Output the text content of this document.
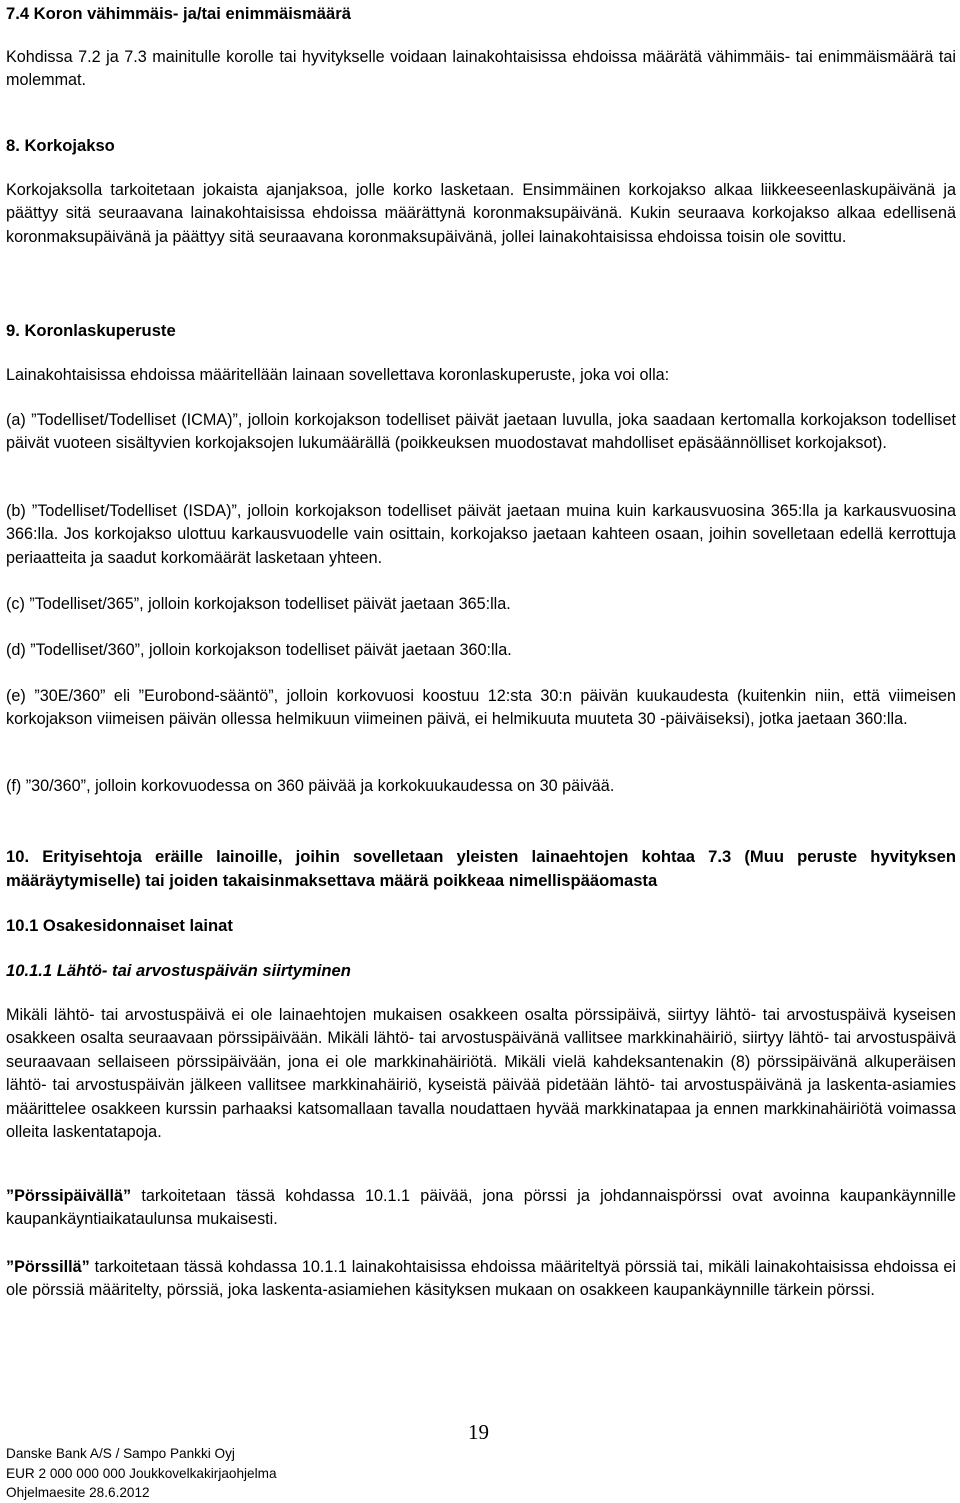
7.4 Koron vähimmäis- ja/tai enimmäismäärä

Kohdissa 7.2 ja 7.3 mainitulle korolle tai hyvitykselle voidaan lainakohtaisissa ehdoissa määrätä vähimmäis- tai enimmäismäärä tai molemmat.

8. Korkojakso

Korkojaksolla tarkoitetaan jokaista ajanjaksoa, jolle korko lasketaan. Ensimmäinen korkojakso alkaa liikkeeseenlaskupäivänä ja päättyy sitä seuraavana lainakohtaisissa ehdoissa määrättynä koronmaksupäivänä. Kukin seuraava korkojakso alkaa edellisenä koronmaksupäivänä ja päättyy sitä seuraavana koronmaksupäivänä, jollei lainakohtaisissa ehdoissa toisin ole sovittu.

9. Koronlaskuperuste

Lainakohtaisissa ehdoissa määritellään lainaan sovellettava koronlaskuperuste, joka voi olla:

(a) ”Todelliset/Todelliset (ICMA)”, jolloin korkojakson todelliset päivät jaetaan luvulla, joka saadaan kertomalla korkojakson todelliset päivät vuoteen sisältyvien korkojaksojen lukumäärällä (poikkeuksen muodostavat mahdolliset epäsäännölliset korkojaksot).

(b) ”Todelliset/Todelliset (ISDA)”, jolloin korkojakson todelliset päivät jaetaan muina kuin karkausvuosina 365:lla ja karkausvuosina 366:lla. Jos korkojakso ulottuu karkausvuodelle vain osittain, korkojakso jaetaan kahteen osaan, joihin sovelletaan edellä kerrottuja periaatteita ja saadut korkomäärät lasketaan yhteen.

(c) ”Todelliset/365”, jolloin korkojakson todelliset päivät jaetaan 365:lla.

(d) ”Todelliset/360”, jolloin korkojakson todelliset päivät jaetaan 360:lla.

(e) ”30E/360” eli ”Eurobond-sääntö”, jolloin korkovuosi koostuu 12:sta 30:n päivän kuukaudesta (kuitenkin niin, että viimeisen korkojakson viimeisen päivän ollessa helmikuun viimeinen päivä, ei helmikuuta muuteta 30 -päiväiseksi), jotka jaetaan 360:lla.

(f) ”30/360”, jolloin korkovuodessa on 360 päivää ja korkokuukaudessa on 30 päivää.

10. Erityisehtoja eräille lainoille, joihin sovelletaan yleisten lainaehtojen kohtaa 7.3 (Muu peruste hyvityksen määräytymiselle) tai joiden takaisinmaksettava määrä poikkeaa nimellispääomasta
10.1 Osakesidonnaiset lainat
10.1.1 Lähtö- tai arvostuspäivän siirtyminen

Mikäli lähtö- tai arvostuspäivä ei ole lainaehtojen mukaisen osakkeen osalta pörssipäivä, siirtyy lähtö- tai arvostuspäivä kyseisen osakkeen osalta seuraavaan pörssipäivään. Mikäli lähtö- tai arvostuspäivänä vallitsee markkinahäiriö, siirtyy lähtö- tai arvostuspäivä seuraavaan sellaiseen pörssipäivään, jona ei ole markkinahäiriötä. Mikäli vielä kahdeksantenakin (8) pörssipäivänä alkuperäisen lähtö- tai arvostuspäivän jälkeen vallitsee markkinahäiriö, kyseistä päivää pidetään lähtö- tai arvostuspäivänä ja laskenta-asiamies määrittelee osakkeen kurssin parhaaksi katsomallaan tavalla noudattaen hyvää markkinatapaa ja ennen markkinahäiriötä voimassa olleita laskentatapoja.

”Pörssipäivällä” tarkoitetaan tässä kohdassa 10.1.1 päivää, jona pörssi ja johdannaispörssi ovat avoinna kaupankäynnille kaupankäyntiaikataulunsa mukaisesti.

”Pörssillä” tarkoitetaan tässä kohdassa 10.1.1 lainakohtaisissa ehdoissa määriteltyä pörssiä tai, mikäli lainakohtaisissa ehdoissa ei ole pörssiä määritelty, pörssiä, joka laskenta-asiamiehen käsityksen mukaan on osakkeen kaupankäynnille tärkein pörssi.

19
Danske Bank A/S / Sampo Pankki Oyj
EUR 2 000 000 000 Joukkovelkakirjaohjelma
Ohjelmaesite 28.6.2012
